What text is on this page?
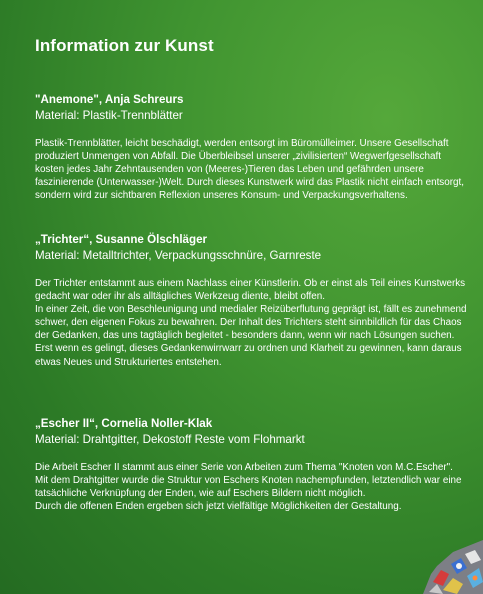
Information zur Kunst
"Anemone", Anja Schreurs
Material: Plastik-Trennblätter

Plastik-Trennblätter, leicht beschädigt, werden entsorgt im Büromülleimer. Unsere Gesellschaft produziert Unmengen von Abfall. Die Überbleibsel unserer „zivilisierten“ Wegwerfgesellschaft kosten jedes Jahr Zehntausenden von (Meeres-)Tieren das Leben und gefährden unsere faszinierende (Unterwasser-)Welt. Durch dieses Kunstwerk wird das Plastik nicht einfach entsorgt, sondern wird zur sichtbaren Reflexion unseres Konsum- und Verpackungsverhaltens.

„Trichter“, Susanne Ölschläger
Material: Metalltrichter, Verpackungsschnüre, Garnreste

Der Trichter entstammt aus einem Nachlass einer Künstlerin. Ob er einst als Teil eines Kunstwerks gedacht war oder ihr als alltägliches Werkzeug diente, bleibt offen.

In einer Zeit, die von Beschleunigung und medialer Reizüberflutung geprägt ist, fällt es zunehmend schwer, den eigenen Fokus zu bewahren. Der Inhalt des Trichters steht sinnbildlich für das Chaos der Gedanken, das uns tagtäglich begleitet - besonders dann, wenn wir nach Lösungen suchen. Erst wenn es gelingt, dieses Gedankenwirrwarr zu ordnen und Klarheit zu gewinnen, kann daraus etwas Neues und Strukturiertes entstehen.

„Escher II“, Cornelia Noller-Klak
Material: Drahtgitter, Dekostoff Reste vom Flohmarkt

Die Arbeit Escher II stammt aus einer Serie von Arbeiten zum Thema "Knoten von M.C.Escher".

Mit dem Drahtgitter wurde die Struktur von Eschers Knoten nachempfunden, letztendlich war eine tatsächliche Verknüpfung der Enden, wie auf Eschers Bildern nicht möglich.

Durch die offenen Enden ergeben sich jetzt vielfältige Möglichkeiten der Gestaltung.
